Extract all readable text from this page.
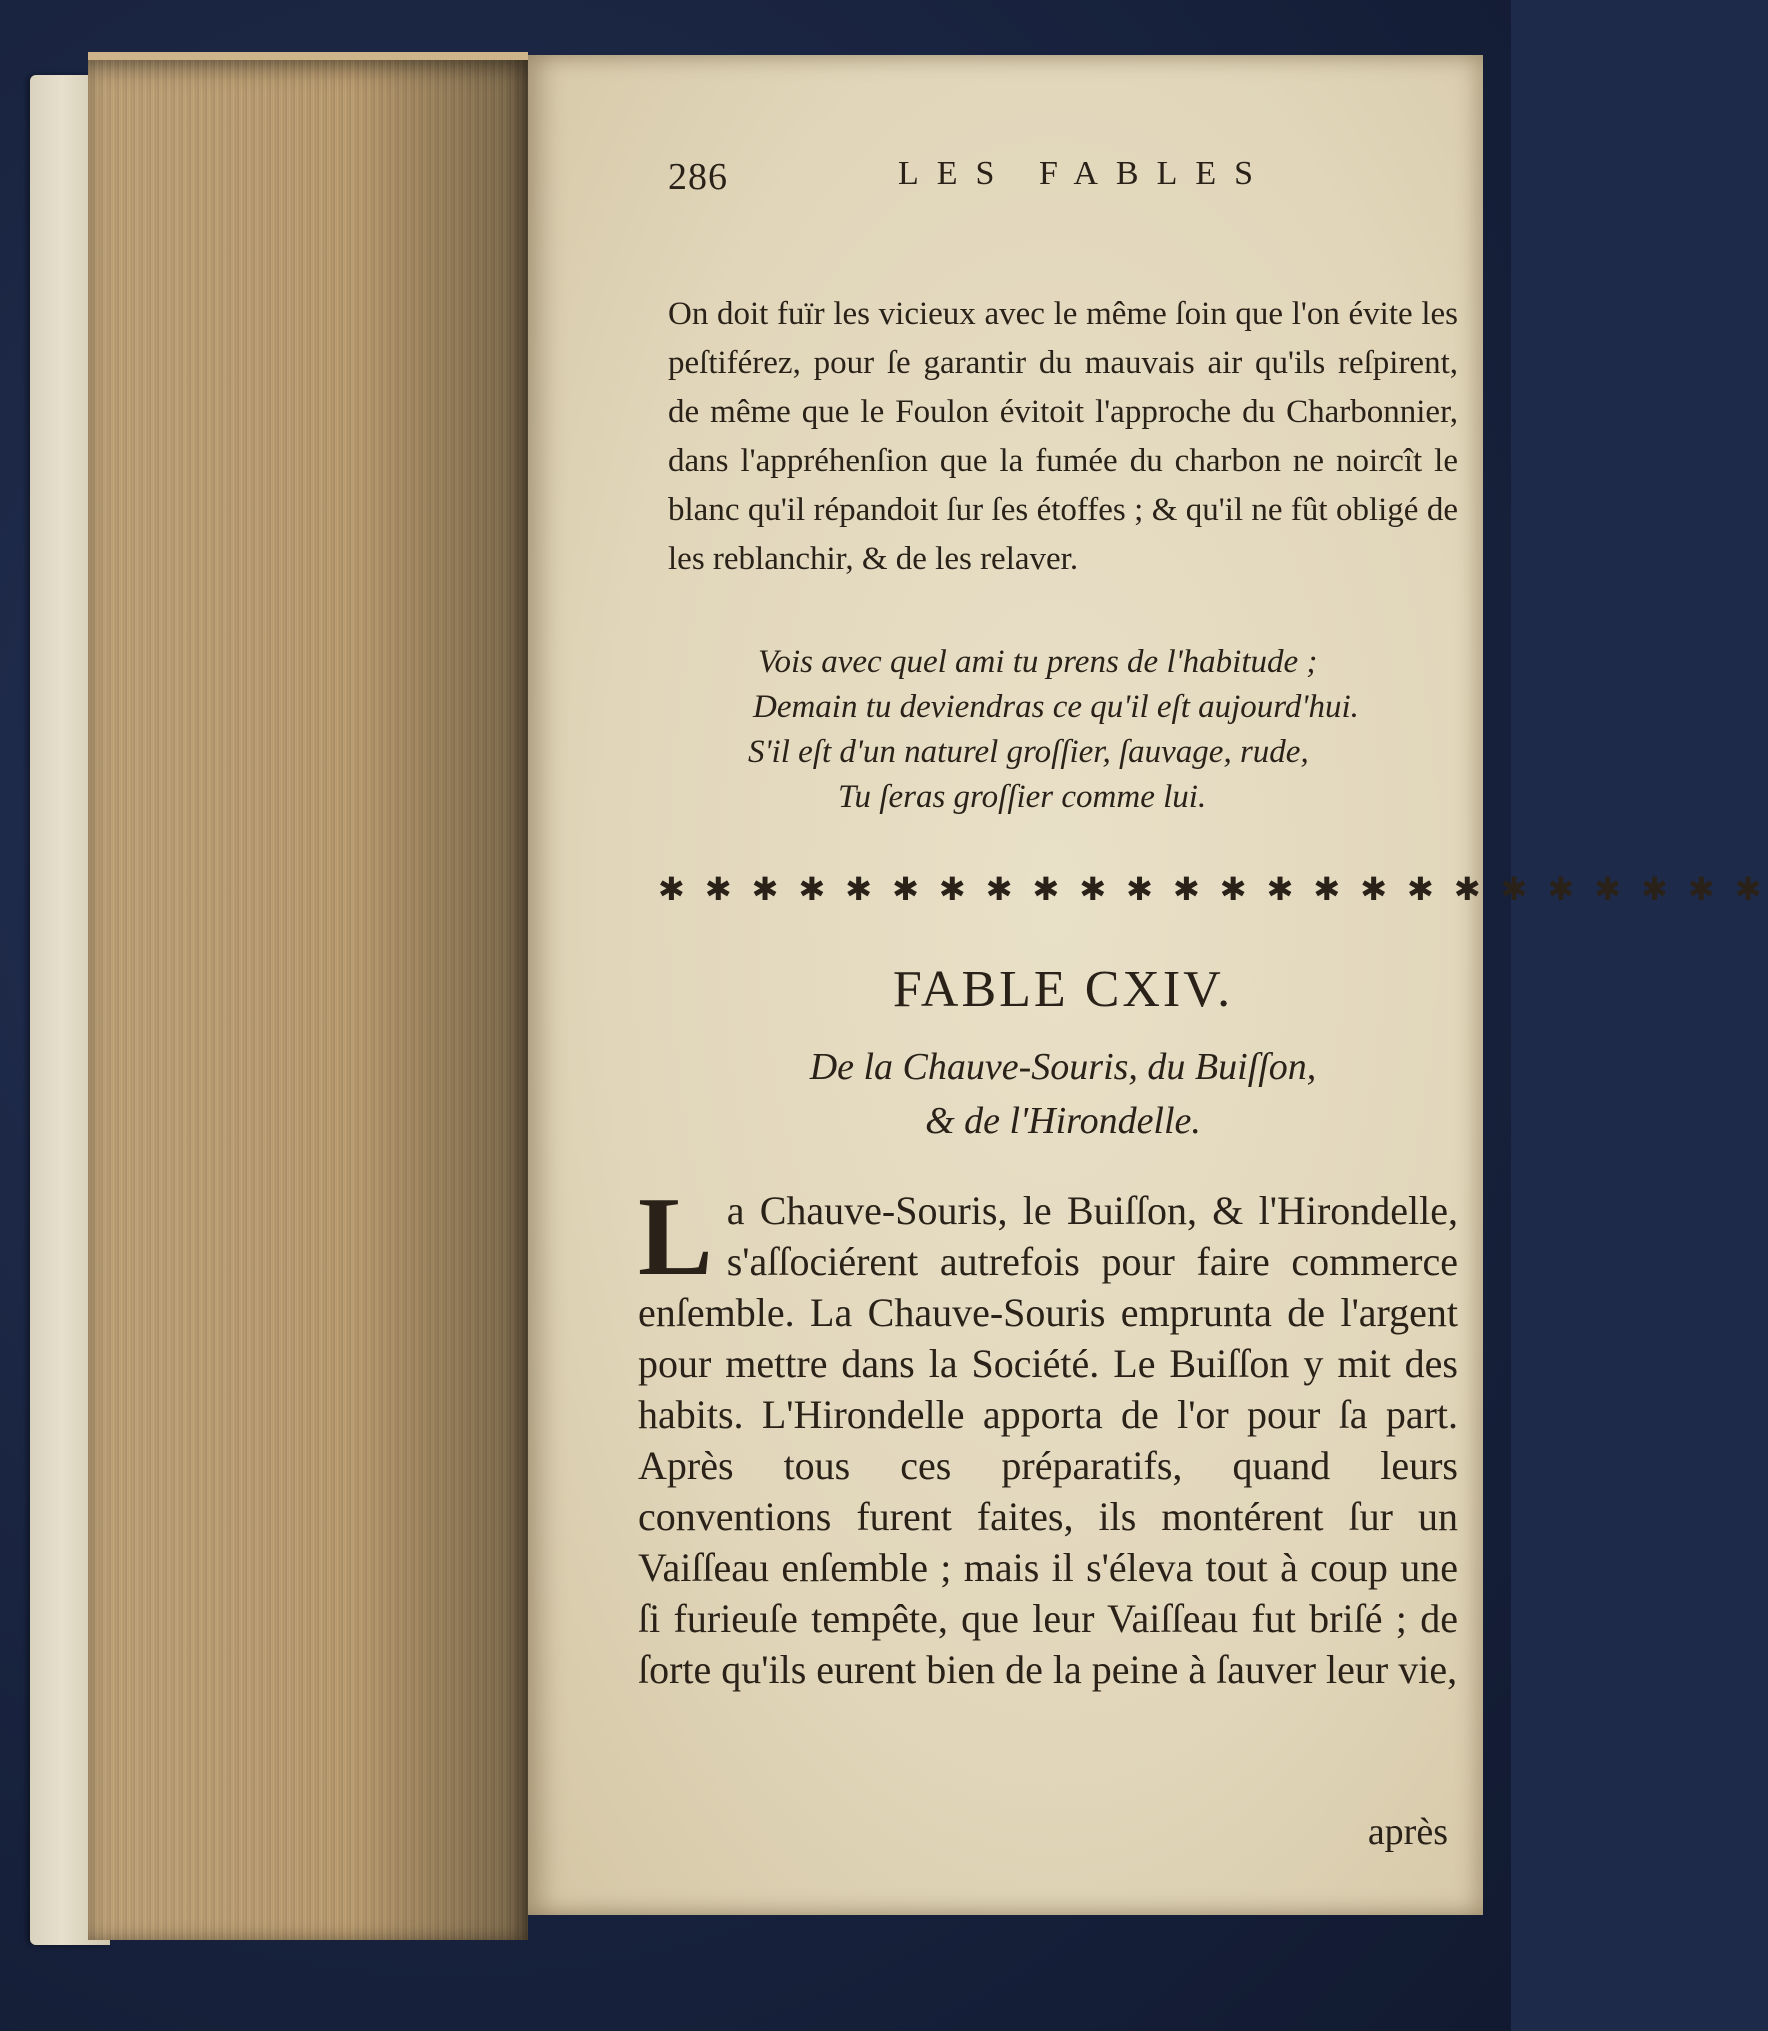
286	LES FABLES

On doit fuïr les vicieux avec le même ſoin que l'on évite les peſtiférez, pour ſe garantir du mauvais air qu'ils reſpirent, de même que le Foulon évitoit l'approche du Charbonnier, dans l'appréhenſion que la fumée du charbon ne noircît le blanc qu'il répandoit ſur ſes étoffes ; & qu'il ne fût obligé de les reblanchir, & de les relaver.

Vois avec quel ami tu prens de l'habitude ;
Demain tu deviendras ce qu'il eſt aujourd'hui.
S'il eſt d'un naturel groſſier, ſauvage, rude,
Tu ſeras groſſier comme lui.
✱ ✱ ✱ ✱ ✱ ✱ ✱ ✱ ✱ ✱ ✱ ✱ ✱ ✱ ✱ ✱ ✱ ✱ ✱ ✱ ✱ ✱ ✱ ✱
FABLE CXIV.
De la Chauve-Souris, du Buiſſon,
& de l'Hirondelle.
L a Chauve-Souris, le Buiſſon, & l'Hirondelle, s'aſſociérent autrefois pour faire commerce enſemble. La Chauve-Souris emprunta de l'argent pour mettre dans la Société. Le Buiſſon y mit des habits. L'Hirondelle apporta de l'or pour ſa part. Après tous ces préparatifs, quand leurs conventions furent faites, ils montérent ſur un Vaiſſeau enſemble ; mais il s'éleva tout à coup une ſi furieuſe tempête, que leur Vaiſſeau fut briſé ; de ſorte qu'ils eurent bien de la peine à ſauver leur vie,
après
